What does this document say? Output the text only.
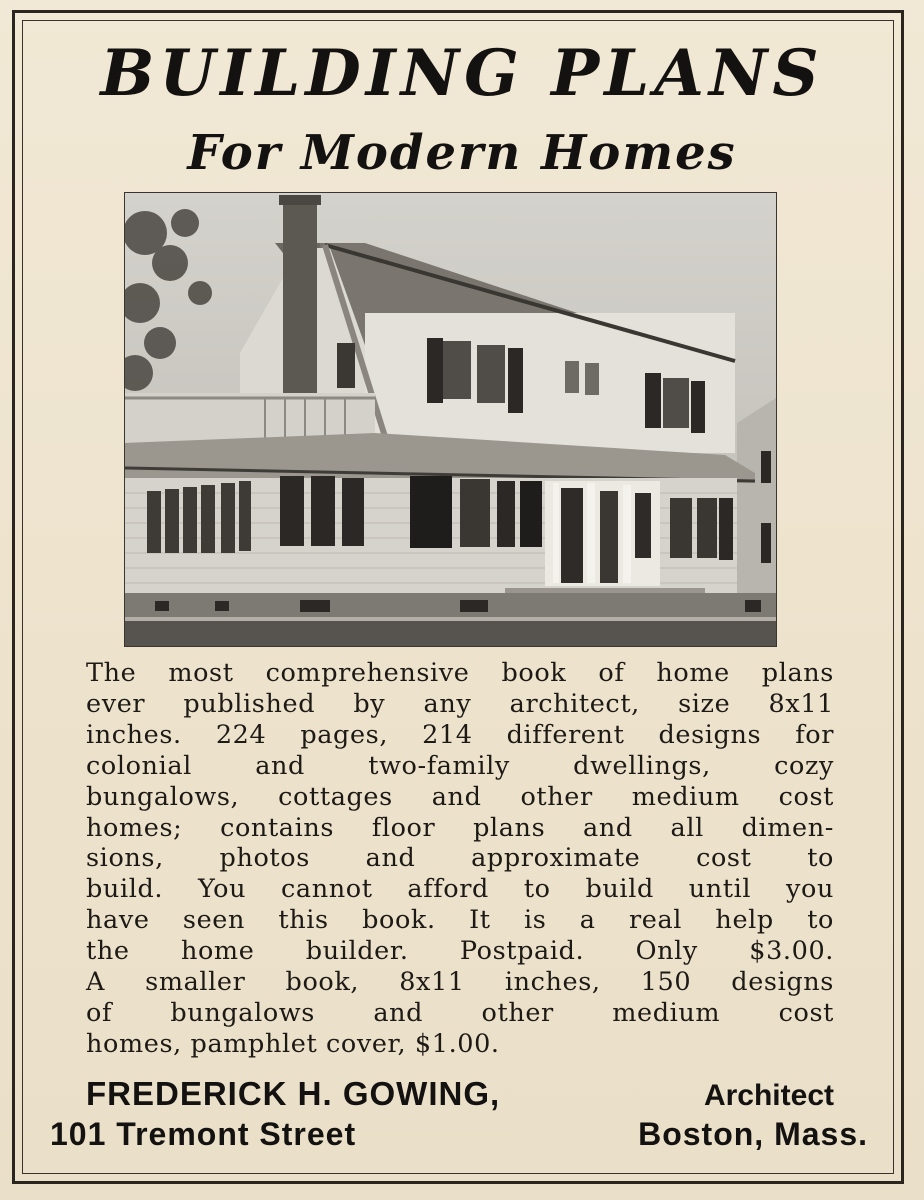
BUILDING PLANS
For Modern Homes

The most comprehensive book of home plans
ever published by any architect, size 8x11
inches. 224 pages, 214 different designs for
colonial and two-family dwellings, cozy
bungalows, cottages and other medium cost
homes; contains floor plans and all dimen-
sions, photos and approximate cost to
build. You cannot afford to build until you
have seen this book. It is a real help to
the home builder. Postpaid. Only $3.00.
A smaller book, 8x11 inches, 150 designs
of bungalows and other medium cost
homes, pamphlet cover, $1.00.

FREDERICK H. GOWING,	Architect
101 Tremont Street	Boston, Mass.
